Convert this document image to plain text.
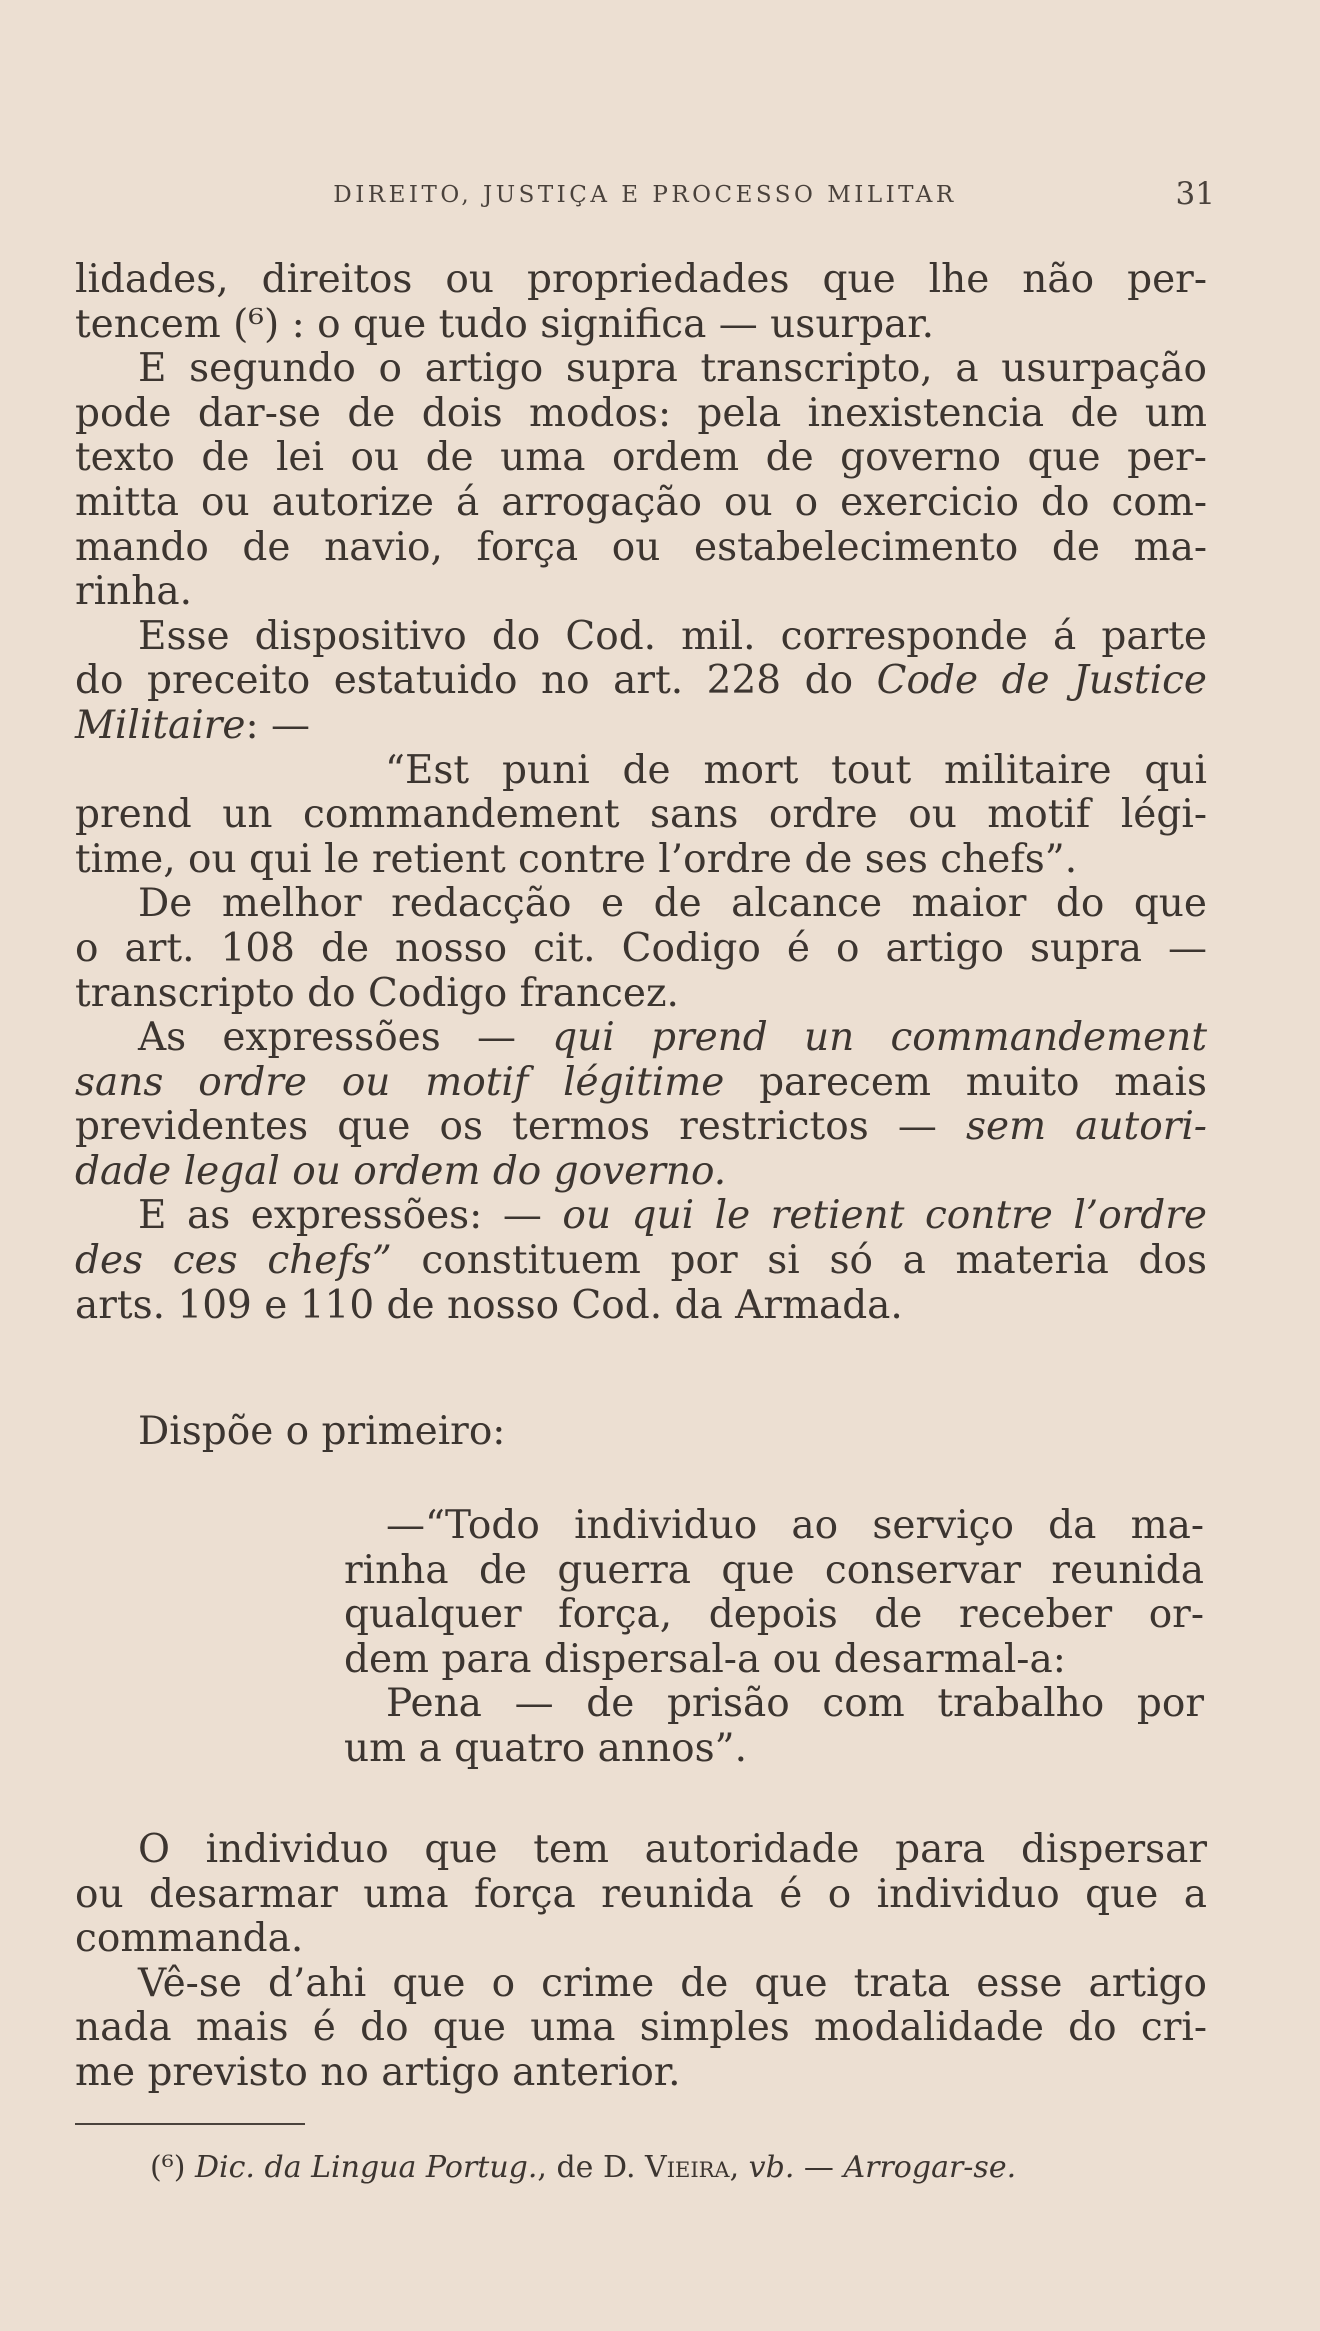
DIREITO, JUSTIÇA E PROCESSO MILITAR	31

lidades, direitos ou propriedades que lhe não per-

tencem (⁶) : o que tudo significa — usurpar.

E segundo o artigo supra transcripto, a usurpação

pode dar-se de dois modos: pela inexistencia de um

texto de lei ou de uma ordem de governo que per-

mitta ou autorize á arrogação ou o exercicio do com-

mando de navio, força ou estabelecimento de ma-

rinha.

Esse dispositivo do Cod. mil. corresponde á parte

do preceito estatuido no art. 228 do Code de Justice

Militaire: —

“Est puni de mort tout militaire qui

prend un commandement sans ordre ou motif légi-

time, ou qui le retient contre l’ordre de ses chefs”.

De melhor redacção e de alcance maior do que

o art. 108 de nosso cit. Codigo é o artigo supra —

transcripto do Codigo francez.

As expressões — qui prend un commandement

sans ordre ou motif légitime parecem muito mais

previdentes que os termos restrictos — sem autori-

dade legal ou ordem do governo.

E as expressões: — ou qui le retient contre l’ordre

des ces chefs” constituem por si só a materia dos

arts. 109 e 110 de nosso Cod. da Armada.

Dispõe o primeiro:

—“Todo individuo ao serviço da ma-

rinha de guerra que conservar reunida

qualquer força, depois de receber or-

dem para dispersal-a ou desarmal-a:

Pena — de prisão com trabalho por

um a quatro annos”.

O individuo que tem autoridade para dispersar

ou desarmar uma força reunida é o individuo que a

commanda.

Vê-se d’ahi que o crime de que trata esse artigo

nada mais é do que uma simples modalidade do cri-

me previsto no artigo anterior.

(⁶) Dic. da Lingua Portug., de D. Vieira, vb. — Arrogar-se.
